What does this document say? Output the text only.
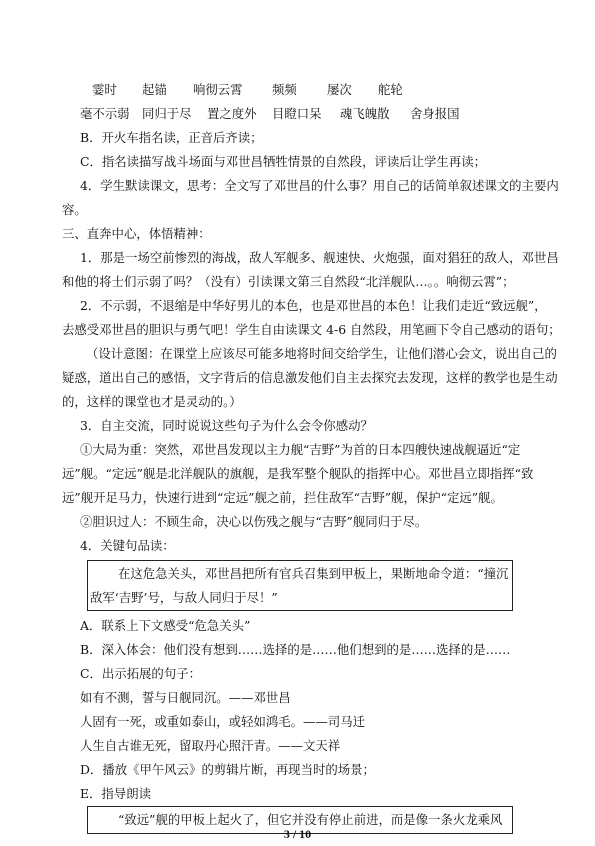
霎时 起锚 响彻云霄 频频 屡次 舵轮
毫不示弱 同归于尽 置之度外 目瞪口呆 魂飞魄散 舍身报国
B．开火车指名读，正音后齐读；
C．指名读描写战斗场面与邓世昌牺牲情景的自然段，评读后让学生再读；
4．学生默读课文，思考：全文写了邓世昌的什么事？用自己的话简单叙述课文的主要内
容。
三、直奔中心，体悟精神：
1．那是一场空前惨烈的海战，敌人军舰多、舰速快、火炮强，面对猖狂的敌人，邓世昌
和他的将士们示弱了吗？（没有）引读课文第三自然段“北洋舰队…。。响彻云霄”；
2．不示弱，不退缩是中华好男儿的本色，也是邓世昌的本色！让我们走近“致远舰”，
去感受邓世昌的胆识与勇气吧！学生自由读课文 4-6 自然段，用笔画下令自己感动的语句；
（设计意图：在课堂上应该尽可能多地将时间交给学生，让他们潜心会文，说出自己的
疑惑，道出自己的感悟，文字背后的信息激发他们自主去探究去发现，这样的教学也是生动
的，这样的课堂也才是灵动的。）
3．自主交流，同时说说这些句子为什么会令你感动？
①大局为重：突然，邓世昌发现以主力舰“吉野”为首的日本四艘快速战舰逼近“定
远”舰。“定远”舰是北洋舰队的旗舰，是我军整个舰队的指挥中心。邓世昌立即指挥“致
远”舰开足马力，快速行进到“定远”舰之前，拦住敌军“吉野”舰，保护“定远”舰。
②胆识过人：不顾生命，决心以伤残之舰与“吉野”舰同归于尽。
4．关键句品读：
在这危急关头，邓世昌把所有官兵召集到甲板上，果断地命令道：“撞沉
敌军‘吉野’号，与敌人同归于尽！”
A．联系上下文感受“危急关头”
B．深入体会：他们没有想到……选择的是……他们想到的是……选择的是……
C．出示拓展的句子：
如有不测，誓与日舰同沉。——邓世昌
人固有一死，或重如泰山，或轻如鸿毛。——司马迁
人生自古谁无死，留取丹心照汗青。——文天祥
D．播放《甲午风云》的剪辑片断，再现当时的场景；
E．指导朗读
“致远”舰的甲板上起火了，但它并没有停止前进，而是像一条火龙乘风
3 / 10
